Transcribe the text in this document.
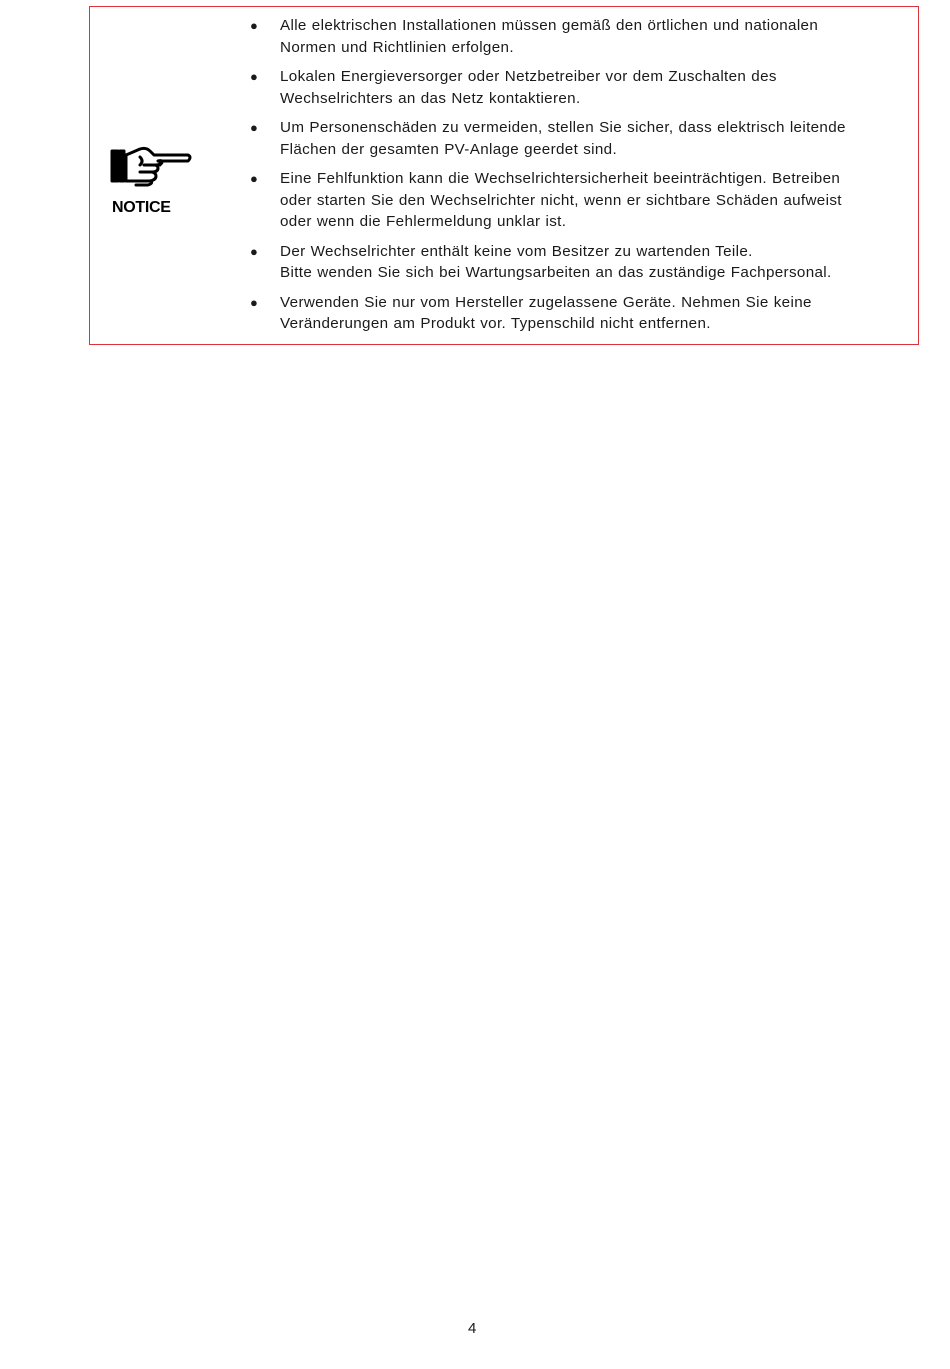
NOTICE
● Alle elektrischen Installationen müssen gemäß den örtlichen und nationalen
Normen und Richtlinien erfolgen.
● Lokalen Energieversorger oder Netzbetreiber vor dem Zuschalten des
Wechselrichters an das Netz kontaktieren.
● Um Personenschäden zu vermeiden, stellen Sie sicher, dass elektrisch leitende
Flächen der gesamten PV-Anlage geerdet sind.
● Eine Fehlfunktion kann die Wechselrichtersicherheit beeinträchtigen. Betreiben
oder starten Sie den Wechselrichter nicht, wenn er sichtbare Schäden aufweist
oder wenn die Fehlermeldung unklar ist.
● Der Wechselrichter enthält keine vom Besitzer zu wartenden Teile.
Bitte wenden Sie sich bei Wartungsarbeiten an das zuständige Fachpersonal.
● Verwenden Sie nur vom Hersteller zugelassene Geräte. Nehmen Sie keine
Veränderungen am Produkt vor. Typenschild nicht entfernen.
4
